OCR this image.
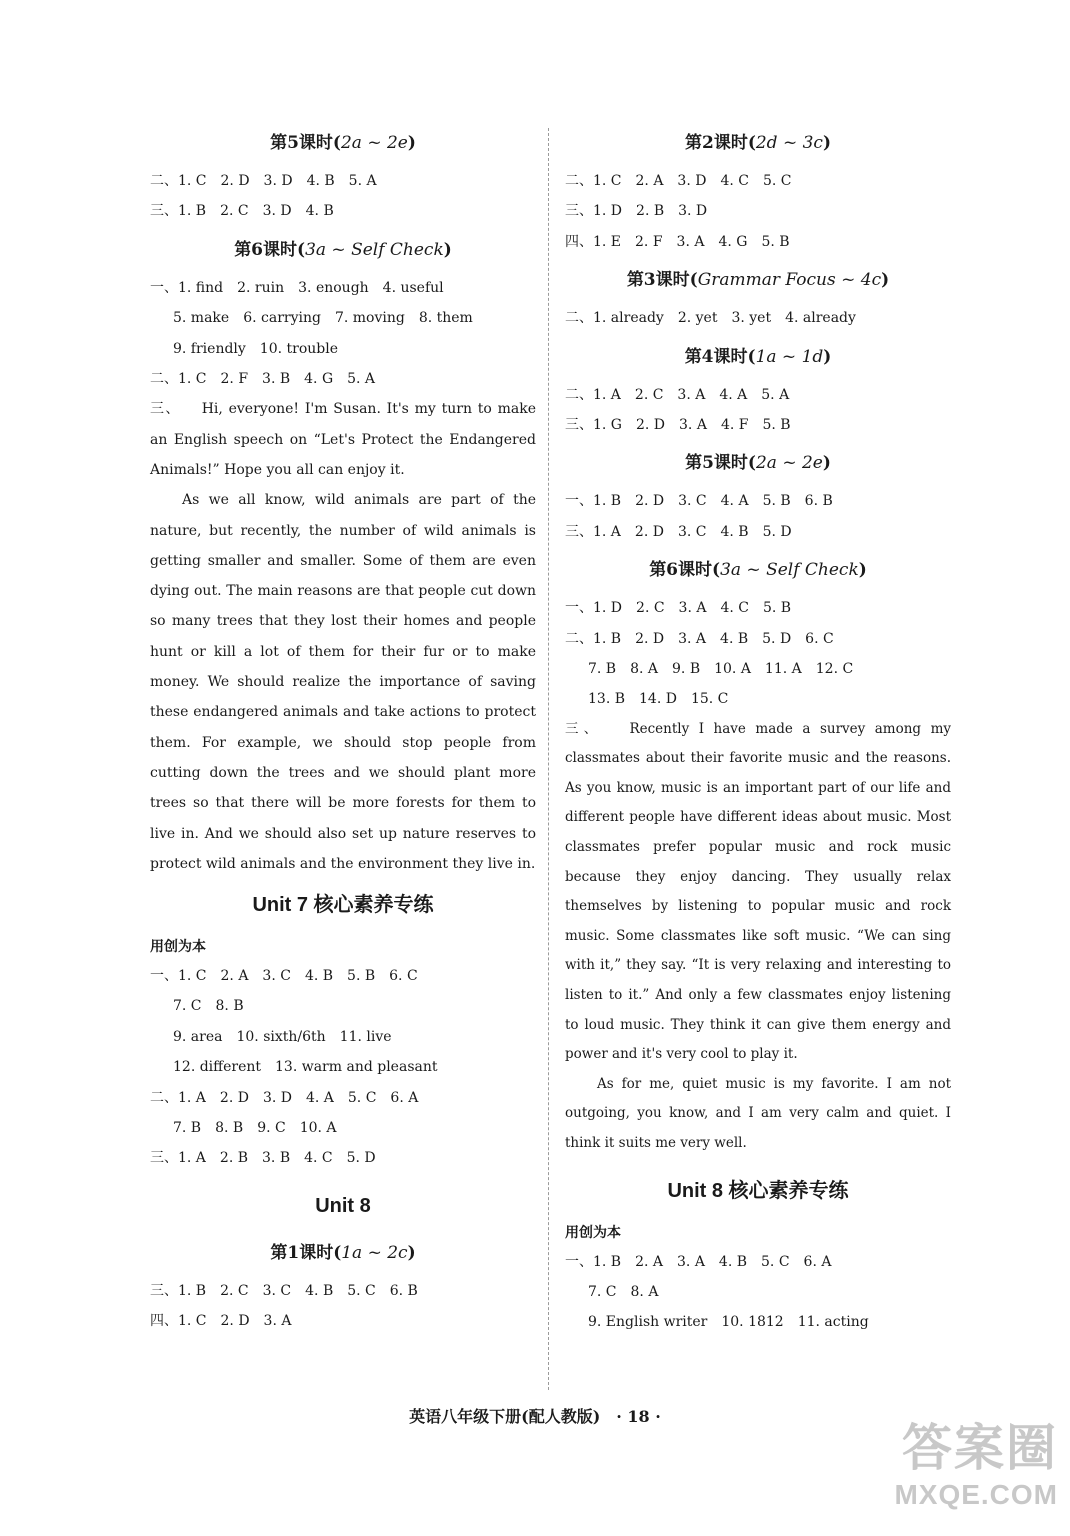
第5课时(2a ~ 2e)
二、1. C　2. D　3. D　4. B　5. A
三、1. B　2. C　3. D　4. B
第6课时(3a ~ Self Check)
一、1. find　2. ruin　3. enough　4. useful
5. make　6. carrying　7. moving　8. them
9. friendly　10. trouble
二、1. C　2. F　3. B　4. G　5. A

三、   Hi, everyone! I'm Susan. It's my turn to make an English speech on “Let's Protect the Endangered Animals!” Hope you all can enjoy it.

As we all know, wild animals are part of the nature, but recently, the number of wild animals is getting smaller and smaller. Some of them are even dying out. The main reasons are that people cut down so many trees that they lost their homes and people hunt or kill a lot of them for their fur or to make money. We should realize the importance of saving these endangered animals and take actions to protect them. For example, we should stop people from cutting down the trees and we should plant more trees so that there will be more forests for them to live in. And we should also set up nature reserves to protect wild animals and the environment they live in.

Unit 7 核心素养专练
用创为本
一、1. C　2. A　3. C　4. B　5. B　6. C
7. C　8. B
9. area　10. sixth/6th　11. live
12. different　13. warm and pleasant
二、1. A　2. D　3. D　4. A　5. C　6. A
7. B　8. B　9. C　10. A
三、1. A　2. B　3. B　4. C　5. D
Unit 8
第1课时(1a ~ 2c)
三、1. B　2. C　3. C　4. B　5. C　6. B
四、1. C　2. D　3. A
第2课时(2d ~ 3c)
二、1. C　2. A　3. D　4. C　5. C
三、1. D　2. B　3. D
四、1. E　2. F　3. A　4. G　5. B
第3课时(Grammar Focus ~ 4c)
二、1. already　2. yet　3. yet　4. already
第4课时(1a ~ 1d)
二、1. A　2. C　3. A　4. A　5. A
三、1. G　2. D　3. A　4. F　5. B
第5课时(2a ~ 2e)
一、1. B　2. D　3. C　4. A　5. B　6. B
三、1. A　2. D　3. C　4. B　5. D
第6课时(3a ~ Self Check)
一、1. D　2. C　3. A　4. C　5. B
二、1. B　2. D　3. A　4. B　5. D　6. C
7. B　8. A　9. B　10. A　11. A　12. C
13. B　14. D　15. C

三、   Recently I have made a survey among my classmates about their favorite music and the reasons. As you know, music is an important part of our life and different people have different ideas about music. Most classmates prefer popular music and rock music because they enjoy dancing. They usually relax themselves by listening to popular music and rock music. Some classmates like soft music. “We can sing with it,” they say. “It is very relaxing and interesting to listen to it.” And only a few classmates enjoy listening to loud music. They think it can give them energy and power and it's very cool to play it.

As for me, quiet music is my favorite. I am not outgoing, you know, and I am very calm and quiet. I think it suits me very well.

Unit 8 核心素养专练
用创为本
一、1. B　2. A　3. A　4. B　5. C　6. A
7. C　8. A
9. English writer　10. 1812　11. acting
英语八年级下册(配人教版)　· 18 ·
答案圈
MXQE.COM
